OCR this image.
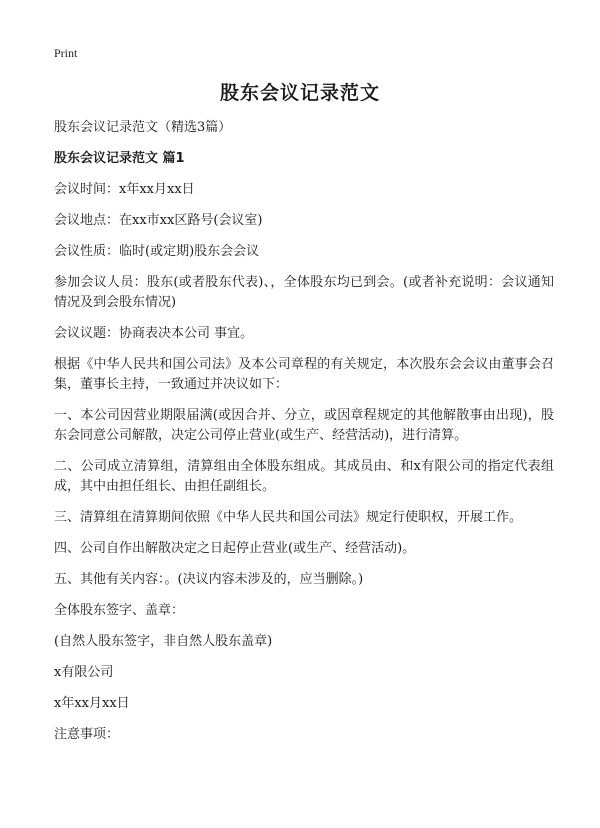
Print
股东会议记录范文

股东会议记录范文（精选3篇）

股东会议记录范文 篇1

会议时间：x年xx月xx日

会议地点：在xx市xx区路号(会议室)

会议性质：临时(或定期)股东会会议

参加会议人员：股东(或者股东代表)、，全体股东均已到会。(或者补充说明：会议通知情况及到会股东情况)

会议议题：协商表决本公司 事宜。

根据《中华人民共和国公司法》及本公司章程的有关规定，本次股东会会议由董事会召集，董事长主持，一致通过并决议如下：

一、本公司因营业期限届满(或因合并、分立，或因章程规定的其他解散事由出现)，股东会同意公司解散，决定公司停止营业(或生产、经营活动)，进行清算。

二、公司成立清算组，清算组由全体股东组成。其成员由、和x有限公司的指定代表组成，其中由担任组长、由担任副组长。

三、清算组在清算期间依照《中华人民共和国公司法》规定行使职权，开展工作。

四、公司自作出解散决定之日起停止营业(或生产、经营活动)。

五、其他有关内容：。(决议内容未涉及的，应当删除。)

全体股东签字、盖章：

(自然人股东签字，非自然人股东盖章)

x有限公司

x年xx月xx日

注意事项：
